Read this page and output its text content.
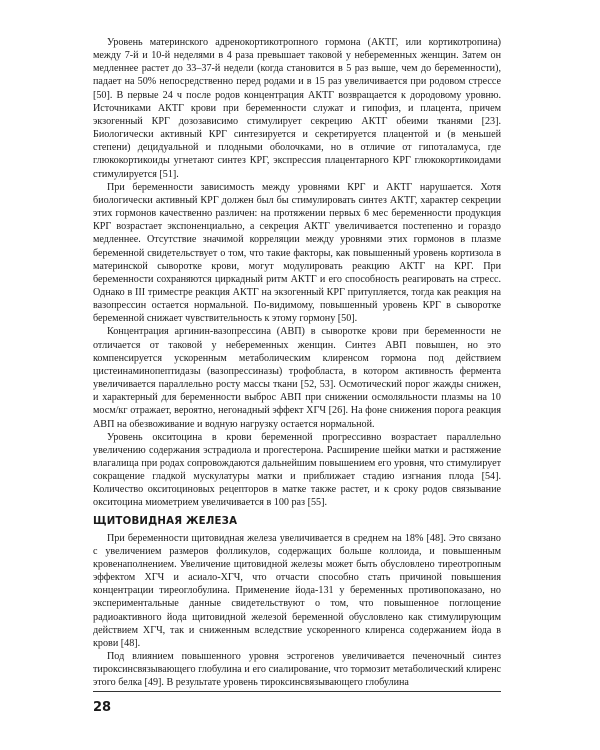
Уровень материнского адренокортикотропного гормона (АКТГ, или кортикотропина) между 7-й и 10-й неделями в 4 раза превышает таковой у небеременных женщин. Затем он медленнее растет до 33–37-й недели (когда становится в 5 раз выше, чем до беременности), падает на 50% непосредственно перед родами и в 15 раз увеличивается при родовом стрессе [50]. В первые 24 ч после родов концентрация АКТГ возвращается к дородовому уровню. Источниками АКТГ крови при беременности служат и гипофиз, и плацента, причем экзогенный КРГ дозозависимо стимулирует секрецию АКТГ обеими тканями [23]. Биологически активный КРГ синтезируется и секретируется плацентой и (в меньшей степени) децидуальной и плодными оболочками, но в отличие от гипоталамуса, где глюкокортикоиды угнетают синтез КРГ, экспрессия плацентарного КРГ глюкокортикоидами стимулируется [51].

При беременности зависимость между уровнями КРГ и АКТГ нарушается. Хотя биологически активный КРГ должен был бы стимулировать синтез АКТГ, характер секреции этих гормонов качественно различен: на протяжении первых 6 мес беременности продукция КРГ возрастает экспоненциально, а секреция АКТГ увеличивается постепенно и гораздо медленнее. Отсутствие значимой корреляции между уровнями этих гормонов в плазме беременной свидетельствует о том, что такие факторы, как повышенный уровень кортизола в материнской сыворотке крови, могут модулировать реакцию АКТГ на КРГ. При беременности сохраняются циркадный ритм АКТГ и его способность реагировать на стресс. Однако в III триместре реакция АКТГ на экзогенный КРГ притупляется, тогда как реакция на вазопрессин остается нормальной. По-видимому, повышенный уровень КРГ в сыворотке беременной снижает чувствительность к этому гормону [50].

Концентрация аргинин-вазопрессина (АВП) в сыворотке крови при беременности не отличается от таковой у небеременных женщин. Синтез АВП повышен, но это компенсируется ускоренным метаболическим клиренсом гормона под действием цистеинаминопептидазы (вазопрессиназы) трофобласта, в котором активность фермента увеличивается параллельно росту массы ткани [52, 53]. Осмотический порог жажды снижен, и характерный для беременности выброс АВП при снижении осмоляльности плазмы на 10 мосм/кг отражает, вероятно, негонадный эффект ХГЧ [26]. На фоне снижения порога реакция АВП на обезвоживание и водную нагрузку остается нормальной.

Уровень окситоцина в крови беременной прогрессивно возрастает параллельно увеличению содержания эстрадиола и прогестерона. Расширение шейки матки и растяжение влагалища при родах сопровождаются дальнейшим повышением его уровня, что стимулирует сокращение гладкой мускулатуры матки и приближает стадию изгнания плода [54]. Количество окситоциновых рецепторов в матке также растет, и к сроку родов связывание окситоцина миометрием увеличивается в 100 раз [55].

ЩИТОВИДНАЯ ЖЕЛЕЗА

При беременности щитовидная железа увеличивается в среднем на 18% [48]. Это связано с увеличением размеров фолликулов, содержащих больше коллоида, и повышенным кровенаполнением. Увеличение щитовидной железы может быть обусловлено тиреотропным эффектом ХГЧ и асиало-ХГЧ, что отчасти способно стать причиной повышения концентрации тиреоглобулина. Применение йода-131 у беременных противопоказано, но экспериментальные данные свидетельствуют о том, что повышенное поглощение радиоактивного йода щитовидной железой беременной обусловлено как стимулирующим действием ХГЧ, так и сниженным вследствие ускоренного клиренса содержанием йода в крови [48].

Под влиянием повышенного уровня эстрогенов увеличивается печеночный синтез тироксинсвязывающего глобулина и его сиалирование, что тормозит метаболический клиренс этого белка [49]. В результате уровень тироксинсвязывающего глобулина

28
